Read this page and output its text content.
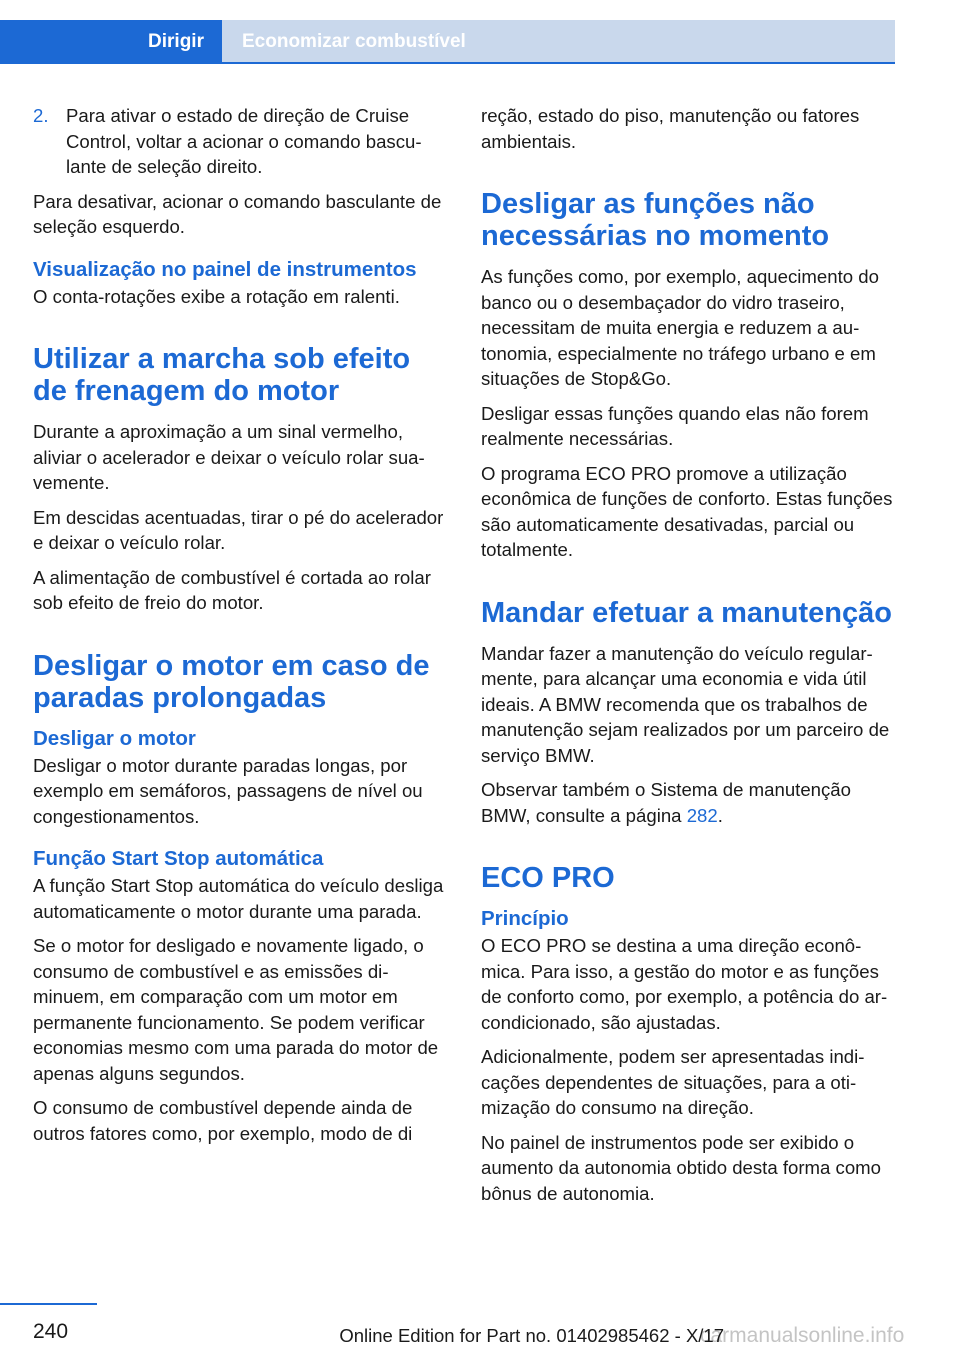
Dirigir	Economizar combustível
2. Para ativar o estado de direção de Cruise Control, voltar a acionar o comando basculante de seleção direito.

Para desativar, acionar o comando basculante de seleção esquerdo.

Visualização no painel de instrumentos

O conta-rotações exibe a rotação em ralenti.

Utilizar a marcha sob efeito de frenagem do motor

Durante a aproximação a um sinal vermelho, aliviar o acelerador e deixar o veículo rolar suavemente.

Em descidas acentuadas, tirar o pé do acelerador e deixar o veículo rolar.

A alimentação de combustível é cortada ao rolar sob efeito de freio do motor.

Desligar o motor em caso de paradas prolongadas
Desligar o motor

Desligar o motor durante paradas longas, por exemplo em semáforos, passagens de nível ou congestionamentos.

Função Start Stop automática

A função Start Stop automática do veículo desliga automaticamente o motor durante uma parada.

Se o motor for desligado e novamente ligado, o consumo de combustível e as emissões diminuem, em comparação com um motor em permanente funcionamento. Se podem verificar economias mesmo com uma parada do motor de apenas alguns segundos.

O consumo de combustível depende ainda de outros fatores como, por exemplo, modo de di

reção, estado do piso, manutenção ou fatores ambientais.

Desligar as funções não necessárias no momento

As funções como, por exemplo, aquecimento do banco ou o desembaçador do vidro traseiro, necessitam de muita energia e reduzem a autonomia, especialmente no tráfego urbano e em situações de Stop&Go.

Desligar essas funções quando elas não forem realmente necessárias.

O programa ECO PRO promove a utilização econômica de funções de conforto. Estas funções são automaticamente desativadas, parcial ou totalmente.

Mandar efetuar a manutenção

Mandar fazer a manutenção do veículo regularmente, para alcançar uma economia e vida útil ideais. A BMW recomenda que os trabalhos de manutenção sejam realizados por um parceiro de serviço BMW.

Observar também o Sistema de manutenção BMW, consulte a página 282.

ECO PRO
Princípio

O ECO PRO se destina a uma direção econômica. Para isso, a gestão do motor e as funções de conforto como, por exemplo, a potência do ar-condicionado, são ajustadas.

Adicionalmente, podem ser apresentadas indicações dependentes de situações, para a otimização do consumo na direção.

No painel de instrumentos pode ser exibido o aumento da autonomia obtido desta forma como bônus de autonomia.

240	carmanualsonline.info
Online Edition for Part no. 01402985462 - X/17
